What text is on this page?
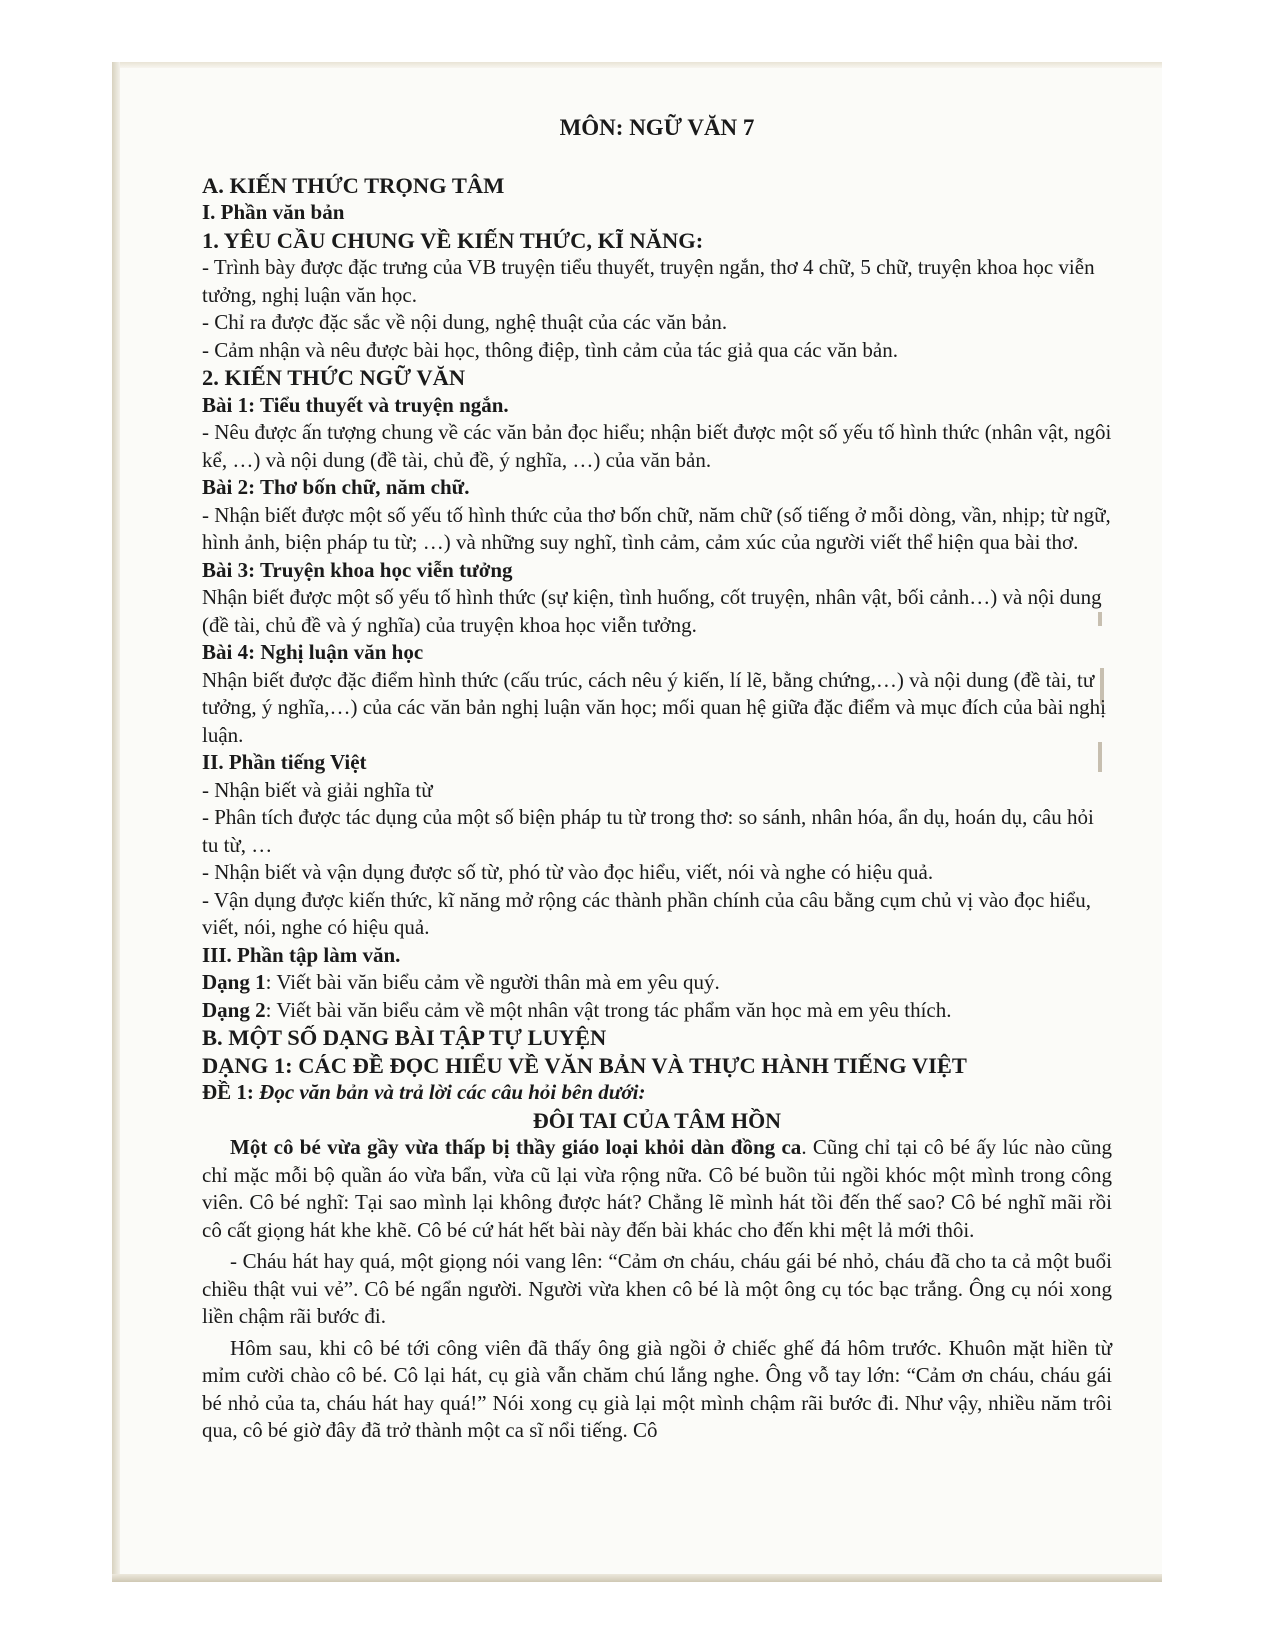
MÔN: NGỮ VĂN 7

A. KIẾN THỨC TRỌNG TÂM

I. Phần văn bản

1. YÊU CẦU CHUNG VỀ KIẾN THỨC, KĨ NĂNG:

- Trình bày được đặc trưng của VB truyện tiểu thuyết, truyện ngắn, thơ 4 chữ, 5 chữ, truyện khoa học viễn tưởng, nghị luận văn học.

- Chỉ ra được đặc sắc về nội dung, nghệ thuật của các văn bản.

- Cảm nhận và nêu được bài học, thông điệp, tình cảm của tác giả qua các văn bản.

2. KIẾN THỨC NGỮ VĂN

Bài 1: Tiểu thuyết và truyện ngắn.

- Nêu được ấn tượng chung về các văn bản đọc hiểu; nhận biết được một số yếu tố hình thức (nhân vật, ngôi kể, …) và nội dung (đề tài, chủ đề, ý nghĩa, …) của văn bản.

Bài 2: Thơ bốn chữ, năm chữ.

- Nhận biết được một số yếu tố hình thức của thơ bốn chữ, năm chữ (số tiếng ở mỗi dòng, vần, nhịp; từ ngữ, hình ảnh, biện pháp tu từ; …) và những suy nghĩ, tình cảm, cảm xúc của người viết thể hiện qua bài thơ.

Bài 3: Truyện khoa học viễn tưởng

Nhận biết được một số yếu tố hình thức (sự kiện, tình huống, cốt truyện, nhân vật, bối cảnh…) và nội dung (đề tài, chủ đề và ý nghĩa) của truyện khoa học viễn tưởng.

Bài 4: Nghị luận văn học

Nhận biết được đặc điểm hình thức (cấu trúc, cách nêu ý kiến, lí lẽ, bằng chứng,…) và nội dung (đề tài, tư tưởng, ý nghĩa,…) của các văn bản nghị luận văn học; mối quan hệ giữa đặc điểm và mục đích của bài nghị luận.

II. Phần tiếng Việt

- Nhận biết và giải nghĩa từ

- Phân tích được tác dụng của một số biện pháp tu từ trong thơ: so sánh, nhân hóa, ẩn dụ, hoán dụ, câu hỏi tu từ, …

- Nhận biết và vận dụng được số từ, phó từ vào đọc hiểu, viết, nói và nghe có hiệu quả.

- Vận dụng được kiến thức, kĩ năng mở rộng các thành phần chính của câu bằng cụm chủ vị vào đọc hiểu, viết, nói, nghe có hiệu quả.

III. Phần tập làm văn.

Dạng 1: Viết bài văn biểu cảm về người thân mà em yêu quý.

Dạng 2: Viết bài văn biểu cảm về một nhân vật trong tác phẩm văn học mà em yêu thích.

B. MỘT SỐ DẠNG BÀI TẬP TỰ LUYỆN

DẠNG 1: CÁC ĐỀ ĐỌC HIỂU VỀ VĂN BẢN VÀ THỰC HÀNH TIẾNG VIỆT

ĐỀ 1: Đọc văn bản và trả lời các câu hỏi bên dưới:

ĐÔI TAI CỦA TÂM HỒN

Một cô bé vừa gầy vừa thấp bị thầy giáo loại khỏi dàn đồng ca. Cũng chỉ tại cô bé ấy lúc nào cũng chỉ mặc mỗi bộ quần áo vừa bẩn, vừa cũ lại vừa rộng nữa. Cô bé buồn tủi ngồi khóc một mình trong công viên. Cô bé nghĩ: Tại sao mình lại không được hát? Chẳng lẽ mình hát tồi đến thế sao? Cô bé nghĩ mãi rồi cô cất giọng hát khe khẽ. Cô bé cứ hát hết bài này đến bài khác cho đến khi mệt lả mới thôi.

- Cháu hát hay quá, một giọng nói vang lên: “Cảm ơn cháu, cháu gái bé nhỏ, cháu đã cho ta cả một buổi chiều thật vui vẻ”. Cô bé ngẩn người. Người vừa khen cô bé là một ông cụ tóc bạc trắng. Ông cụ nói xong liền chậm rãi bước đi.

Hôm sau, khi cô bé tới công viên đã thấy ông già ngồi ở chiếc ghế đá hôm trước. Khuôn mặt hiền từ mỉm cười chào cô bé. Cô lại hát, cụ già vẫn chăm chú lắng nghe. Ông vỗ tay lớn: “Cảm ơn cháu, cháu gái bé nhỏ của ta, cháu hát hay quá!” Nói xong cụ già lại một mình chậm rãi bước đi. Như vậy, nhiều năm trôi qua, cô bé giờ đây đã trở thành một ca sĩ nổi tiếng. Cô
